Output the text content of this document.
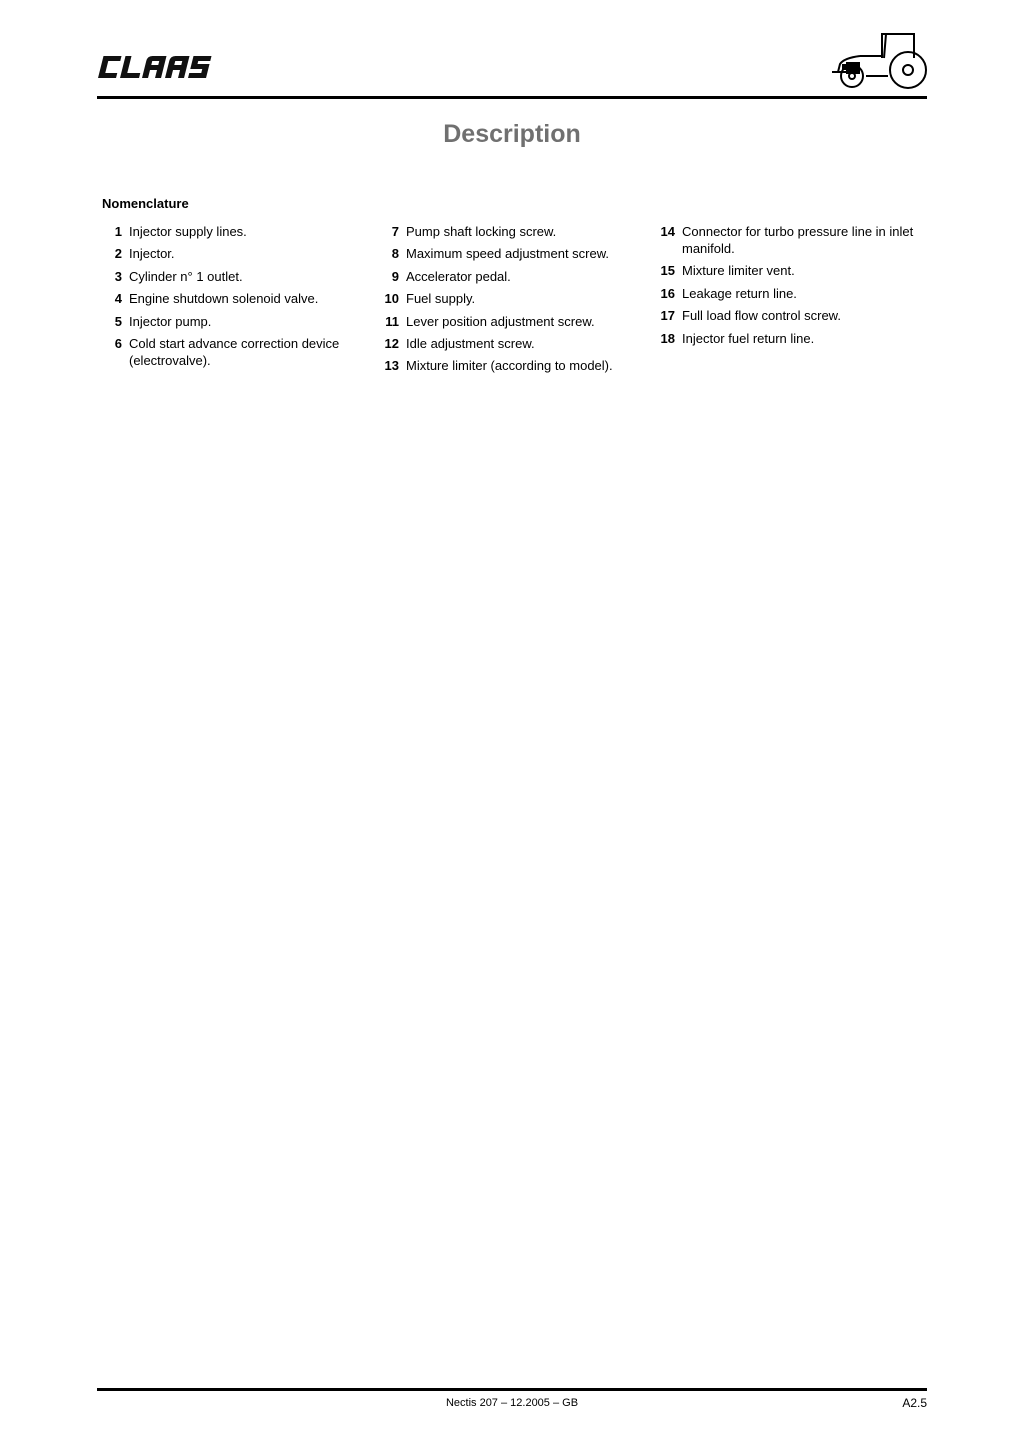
Description
Nomenclature
1 Injector supply lines.
2 Injector.
3 Cylinder n° 1 outlet.
4 Engine shutdown solenoid valve.
5 Injector pump.
6 Cold start advance correction device (electrovalve).
7 Pump shaft locking screw.
8 Maximum speed adjustment screw.
9 Accelerator pedal.
10 Fuel supply.
11 Lever position adjustment screw.
12 Idle adjustment screw.
13 Mixture limiter (according to model).
14 Connector for turbo pressure line in inlet manifold.
15 Mixture limiter vent.
16 Leakage return line.
17 Full load flow control screw.
18 Injector fuel return line.
Nectis 207 – 12.2005 – GB	A2.5
